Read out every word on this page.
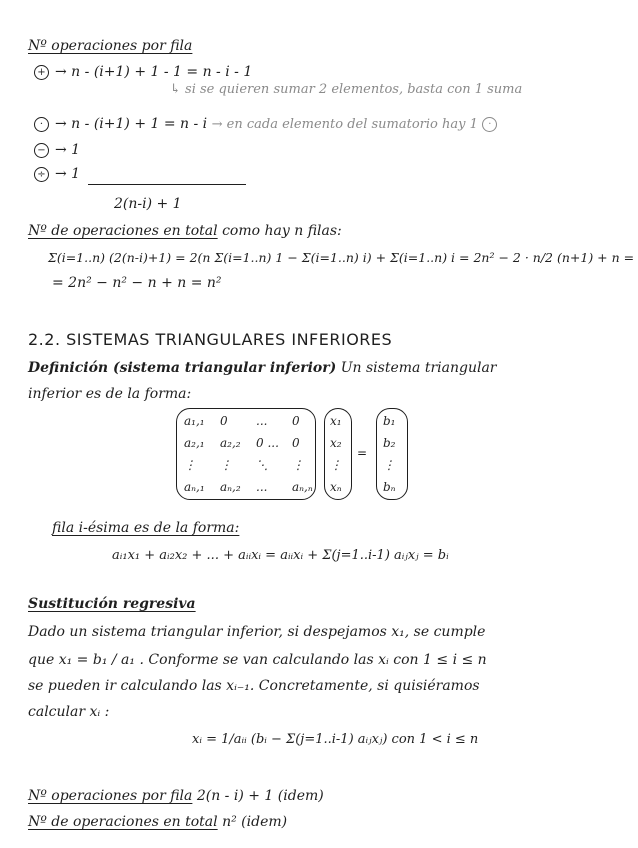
Nº operaciones por fila
+ → n - (i+1) + 1 - 1 = n - i - 1
↳ si se quieren sumar 2 elementos, basta con 1 suma
· → n - (i+1) + 1 = n - i → en cada elemento del sumatorio hay 1 ·
− → 1
÷ → 1
2(n-i) + 1
Nº de operaciones en total como hay n filas:
Σ(i=1..n) (2(n-i)+1) = 2(n Σ(i=1..n) 1 − Σ(i=1..n) i) + Σ(i=1..n) i = 2n² − 2 · n/2 (n+1) + n =
= 2n² − n² − n + n = n²
2.2. SISTEMAS TRIANGULARES INFERIORES
Definición (sistema triangular inferior) Un sistema triangular
inferior es de la forma:
a₁,₁ 0 ... 0
a₂,₁ a₂,₂ 0 ... 0
⋮ ⋮ ⋱ ⋮
aₙ,₁ aₙ,₂ ... aₙ,ₙ
x₁
x₂
⋮
xₙ
=
b₁
b₂
⋮
bₙ
fila i-ésima es de la forma:
aᵢ₁x₁ + aᵢ₂x₂ + ... + aᵢᵢxᵢ = aᵢᵢxᵢ + Σ(j=1..i-1) aᵢⱼxⱼ = bᵢ
Sustitución regresiva
Dado un sistema triangular inferior, si despejamos x₁, se cumple
que x₁ = b₁ / a₁ . Conforme se van calculando las xᵢ con 1 ≤ i ≤ n
se pueden ir calculando las xᵢ₋₁. Concretamente, si quisiéramos
calcular xᵢ :
xᵢ = 1/aᵢᵢ (bᵢ − Σ(j=1..i-1) aᵢⱼxⱼ) con 1 < i ≤ n
Nº operaciones por fila 2(n - i) + 1 (idem)
Nº de operaciones en total n² (idem)
